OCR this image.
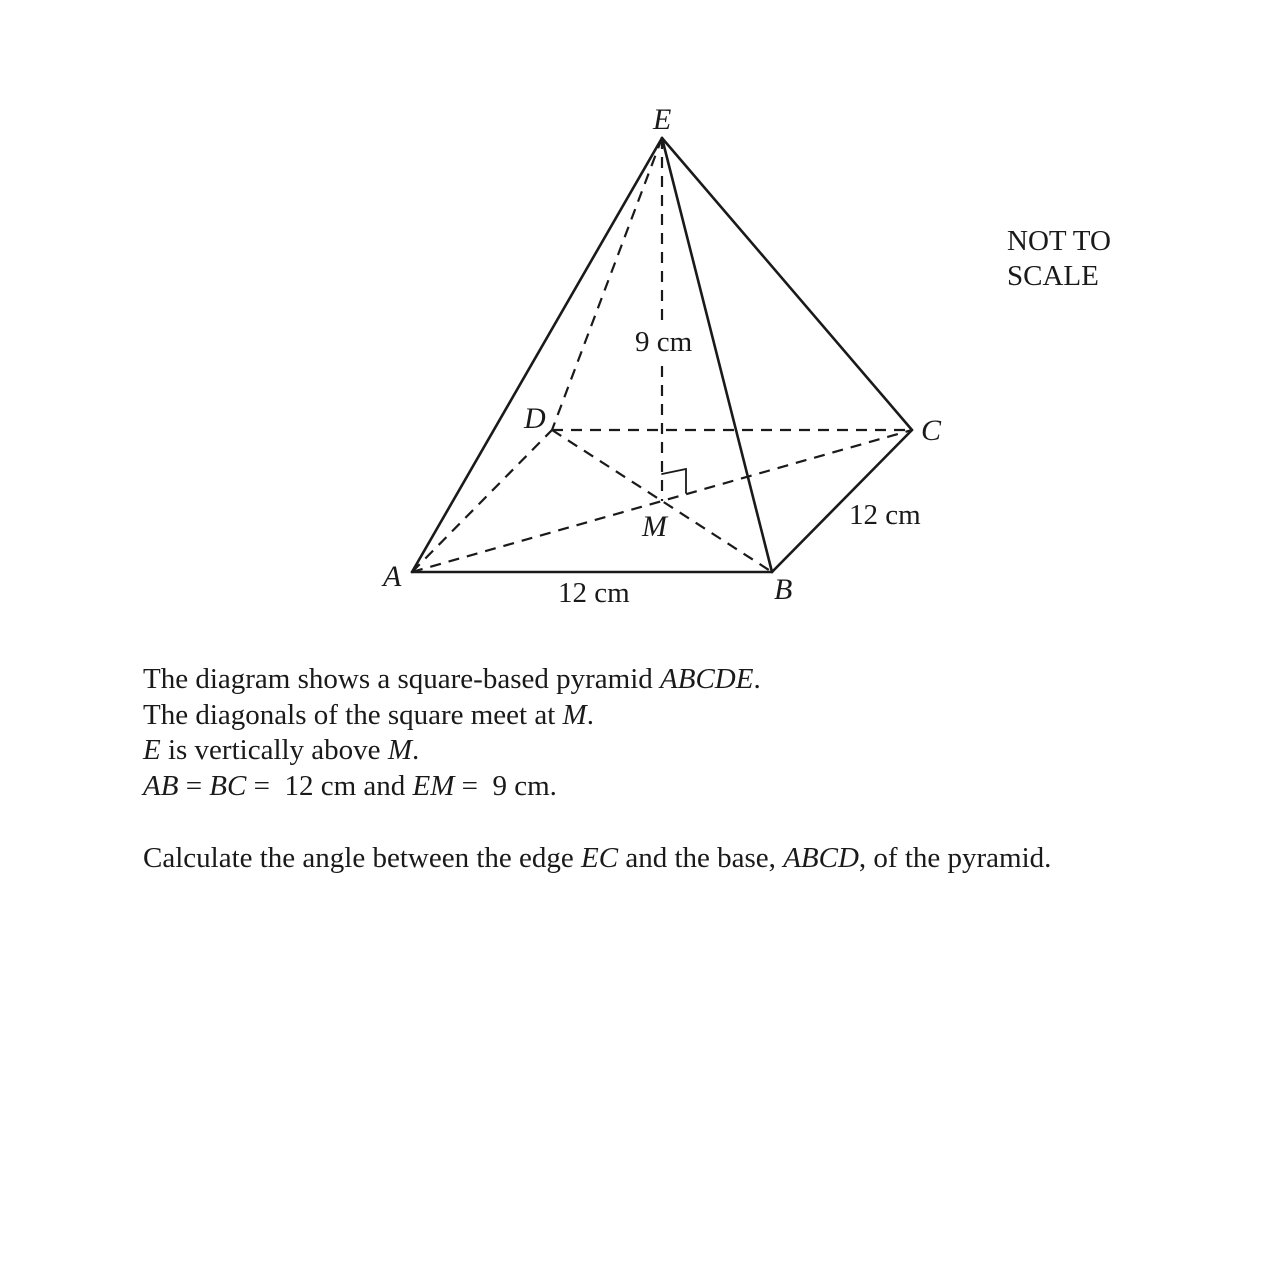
E
D	C
A	B
M
9 cm
12 cm
12 cm
NOT TO
SCALE

The diagram shows a square-based pyramid ABCDE.

The diagonals of the square meet at M.

E is vertically above M.

AB = BC =  12 cm and EM =  9 cm.

Calculate the angle between the edge EC and the base, ABCD, of the pyramid.
